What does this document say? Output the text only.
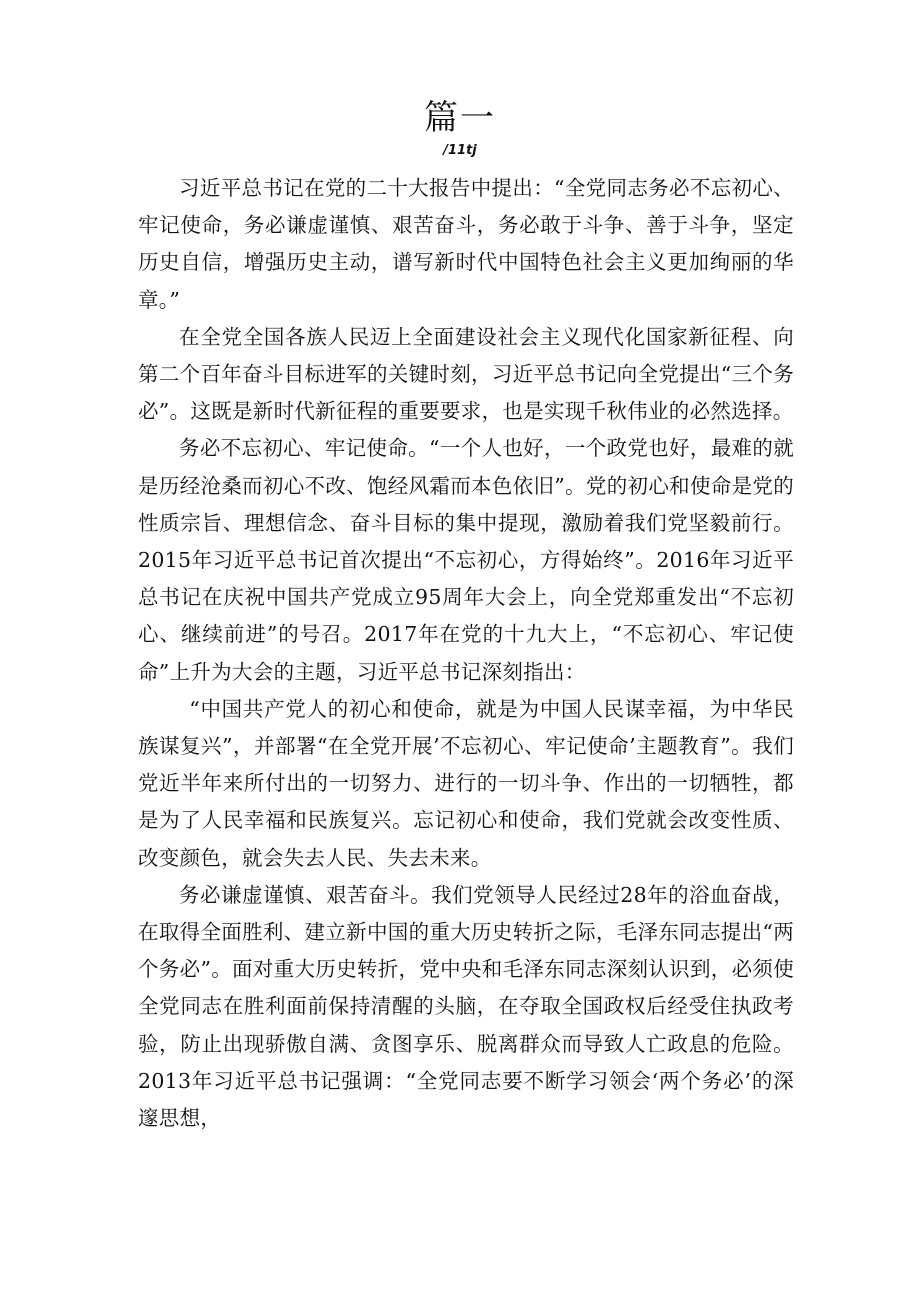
篇一
/11tj

习近平总书记在党的二十大报告中提出：“全党同志务必不忘初心、牢记使命，务必谦虚谨慎、艰苦奋斗，务必敢于斗争、善于斗争，坚定历史自信，增强历史主动，谱写新时代中国特色社会主义更加绚丽的华章。”

在全党全国各族人民迈上全面建设社会主义现代化国家新征程、向第二个百年奋斗目标进军的关键时刻，习近平总书记向全党提出“三个务必”。这既是新时代新征程的重要要求，也是实现千秋伟业的必然选择。

务必不忘初心、牢记使命。“一个人也好，一个政党也好，最难的就是历经沧桑而初心不改、饱经风霜而本色依旧”。党的初心和使命是党的性质宗旨、理想信念、奋斗目标的集中提现，激励着我们党坚毅前行。2015年习近平总书记首次提出“不忘初心，方得始终”。2016年习近平总书记在庆祝中国共产党成立95周年大会上，向全党郑重发出“不忘初心、继续前进”的号召。2017年在党的十九大上，“不忘初心、牢记使命”上升为大会的主题，习近平总书记深刻指出：

“中国共产党人的初心和使命，就是为中国人民谋幸福，为中华民族谋复兴”，并部署“在全党开展’不忘初心、牢记使命’主题教育”。我们党近半年来所付出的一切努力、进行的一切斗争、作出的一切牺牲，都是为了人民幸福和民族复兴。忘记初心和使命，我们党就会改变性质、改变颜色，就会失去人民、失去未来。

务必谦虚谨慎、艰苦奋斗。我们党领导人民经过28年的浴血奋战，在取得全面胜利、建立新中国的重大历史转折之际，毛泽东同志提出“两个务必”。面对重大历史转折，党中央和毛泽东同志深刻认识到，必须使全党同志在胜利面前保持清醒的头脑，在夺取全国政权后经受住执政考验，防止出现骄傲自满、贪图享乐、脱离群众而导致人亡政息的危险。2013年习近平总书记强调：“全党同志要不断学习领会‘两个务必’的深邃思想，
